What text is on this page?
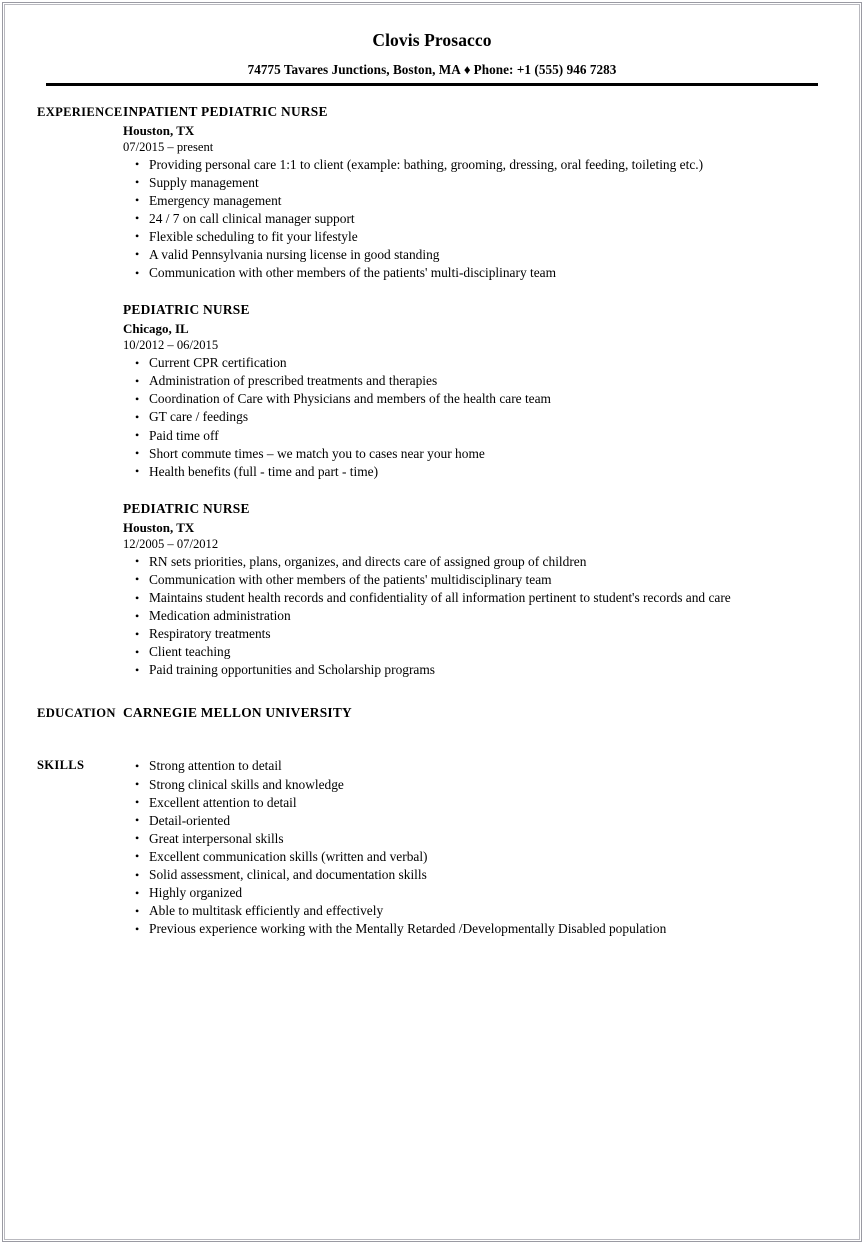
Clovis Prosacco
74775 Tavares Junctions, Boston, MA ♦ Phone: +1 (555) 946 7283
EXPERIENCE INPATIENT PEDIATRIC NURSE
Houston, TX
07/2015 – present
• Providing personal care 1:1 to client (example: bathing, grooming, dressing, oral feeding, toileting etc.)
• Supply management
• Emergency management
• 24 / 7 on call clinical manager support
• Flexible scheduling to fit your lifestyle
• A valid Pennsylvania nursing license in good standing
• Communication with other members of the patients' multi-disciplinary team
PEDIATRIC NURSE
Chicago, IL
10/2012 – 06/2015
• Current CPR certification
• Administration of prescribed treatments and therapies
• Coordination of Care with Physicians and members of the health care team
• GT care / feedings
• Paid time off
• Short commute times – we match you to cases near your home
• Health benefits (full - time and part - time)
PEDIATRIC NURSE
Houston, TX
12/2005 – 07/2012
• RN sets priorities, plans, organizes, and directs care of assigned group of children
• Communication with other members of the patients' multidisciplinary team
• Maintains student health records and confidentiality of all information pertinent to student's records and care
• Medication administration
• Respiratory treatments
• Client teaching
• Paid training opportunities and Scholarship programs
EDUCATION CARNEGIE MELLON UNIVERSITY
SKILLS	• Strong attention to detail
• Strong clinical skills and knowledge
• Excellent attention to detail
• Detail-oriented
• Great interpersonal skills
• Excellent communication skills (written and verbal)
• Solid assessment, clinical, and documentation skills
• Highly organized
• Able to multitask efficiently and effectively
• Previous experience working with the Mentally Retarded /Developmentally Disabled population
